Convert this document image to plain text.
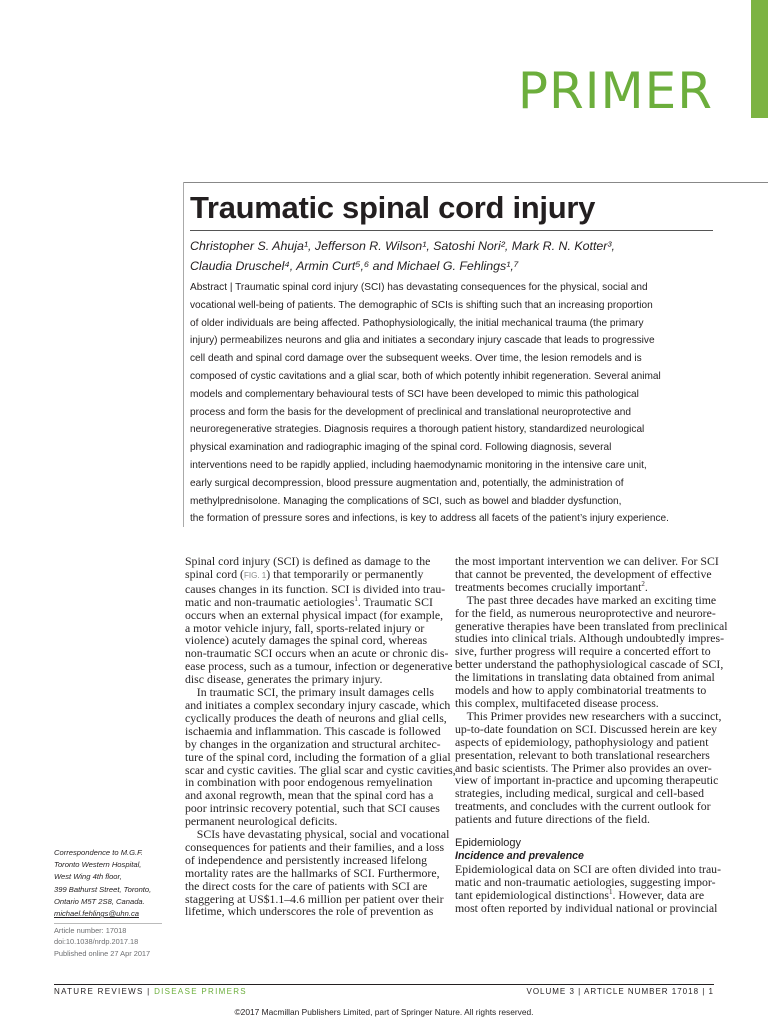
PRIMER
Traumatic spinal cord injury

Christopher S. Ahuja¹, Jefferson R. Wilson¹, Satoshi Nori², Mark R. N. Kotter³,

Claudia Druschel⁴, Armin Curt⁵,⁶ and Michael G. Fehlings¹,⁷

Abstract | Traumatic spinal cord injury (SCI) has devastating consequences for the physical, social and

vocational well-being of patients. The demographic of SCIs is shifting such that an increasing proportion

of older individuals are being affected. Pathophysiologically, the initial mechanical trauma (the primary

injury) permeabilizes neurons and glia and initiates a secondary injury cascade that leads to progressive

cell death and spinal cord damage over the subsequent weeks. Over time, the lesion remodels and is

composed of cystic cavitations and a glial scar, both of which potently inhibit regeneration. Several animal

models and complementary behavioural tests of SCI have been developed to mimic this pathological

process and form the basis for the development of preclinical and translational neuroprotective and

neuroregenerative strategies. Diagnosis requires a thorough patient history, standardized neurological

physical examination and radiographic imaging of the spinal cord. Following diagnosis, several

interventions need to be rapidly applied, including haemodynamic monitoring in the intensive care unit,

early surgical decompression, blood pressure augmentation and, potentially, the administration of

methylprednisolone. Managing the complications of SCI, such as bowel and bladder dysfunction,

the formation of pressure sores and infections, is key to address all facets of the patient’s injury experience.

Spinal cord injury (SCI) is defined as damage to the

spinal cord (FIG. 1) that temporarily or permanently

causes changes in its function. SCI is divided into trau-

matic and non-traumatic aetiologies$^1$. Traumatic SCI

occurs when an external physical impact (for example,

a motor vehicle injury, fall, sports-related injury or

violence) acutely damages the spinal cord, whereas

non-traumatic SCI occurs when an acute or chronic dis-

ease process, such as a tumour, infection or degenerative

disc disease, generates the primary injury.

In traumatic SCI, the primary insult damages cells

and initiates a complex secondary injury cascade, which

cyclically produces the death of neurons and glial cells,

ischaemia and inflammation. This cascade is followed

by changes in the organization and structural architec-

ture of the spinal cord, including the formation of a glial

scar and cystic cavities. The glial scar and cystic cavities,

in combination with poor endogenous remyelination

and axonal regrowth, mean that the spinal cord has a

poor intrinsic recovery potential, such that SCI causes

permanent neurological deficits.

SCIs have devastating physical, social and vocational

consequences for patients and their families, and a loss

of independence and persistently increased lifelong

mortality rates are the hallmarks of SCI. Furthermore,

the direct costs for the care of patients with SCI are

staggering at US$1.1–4.6 million per patient over their

lifetime, which underscores the role of prevention as

the most important intervention we can deliver. For SCI

that cannot be prevented, the development of effective

treatments becomes crucially important$^2$.

The past three decades have marked an exciting time

for the field, as numerous neuroprotective and neurore-

generative therapies have been translated from preclinical

studies into clinical trials. Although undoubtedly impres-

sive, further progress will require a concerted effort to

better understand the pathophysiological cascade of SCI,

the limitations in translating data obtained from animal

models and how to apply combinatorial treatments to

this complex, multifaceted disease process.

This Primer provides new researchers with a succinct,

up-to-date foundation on SCI. Discussed herein are key

aspects of epidemiology, pathophysiology and patient

presentation, relevant to both translational researchers

and basic scientists. The Primer also provides an over-

view of important in-practice and upcoming therapeutic

strategies, including medical, surgical and cell-based

treatments, and concludes with the current outlook for

patients and future directions of the field.

Epidemiology

Incidence and prevalence

Epidemiological data on SCI are often divided into trau-

matic and non-traumatic aetiologies, suggesting impor-

tant epidemiological distinctions$^1$. However, data are

most often reported by individual national or provincial

Correspondence to M.G.F.

Toronto Western Hospital,

West Wing 4th floor,

399 Bathurst Street, Toronto,

Ontario M5T 2S8, Canada.

michael.fehlings@uhn.ca

Article number: 17018

doi:10.1038/nrdp.2017.18

Published online 27 Apr 2017

NATURE REVIEWS | DISEASE PRIMERS	VOLUME 3 | ARTICLE NUMBER 17018 | 1
©2017 Macmillan Publishers Limited, part of Springer Nature. All rights reserved.
